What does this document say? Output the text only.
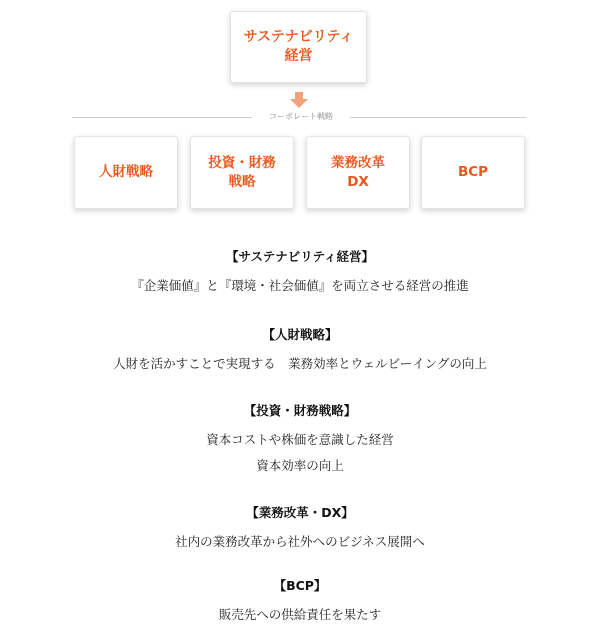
サステナビリティ
経営
コーポレート戦略
人財戦略
投資・財務
戦略
業務改革
DX
BCP
【サステナビリティ経営】

『企業価値』と『環境・社会価値』を両立させる経営の推進

【人財戦略】

人財を活かすことで実現する　業務効率とウェルビーイングの向上

【投資・財務戦略】

資本コストや株価を意識した経営

資本効率の向上

【業務改革・DX】

社内の業務改革から社外へのビジネス展開へ

【BCP】

販売先への供給責任を果たす
